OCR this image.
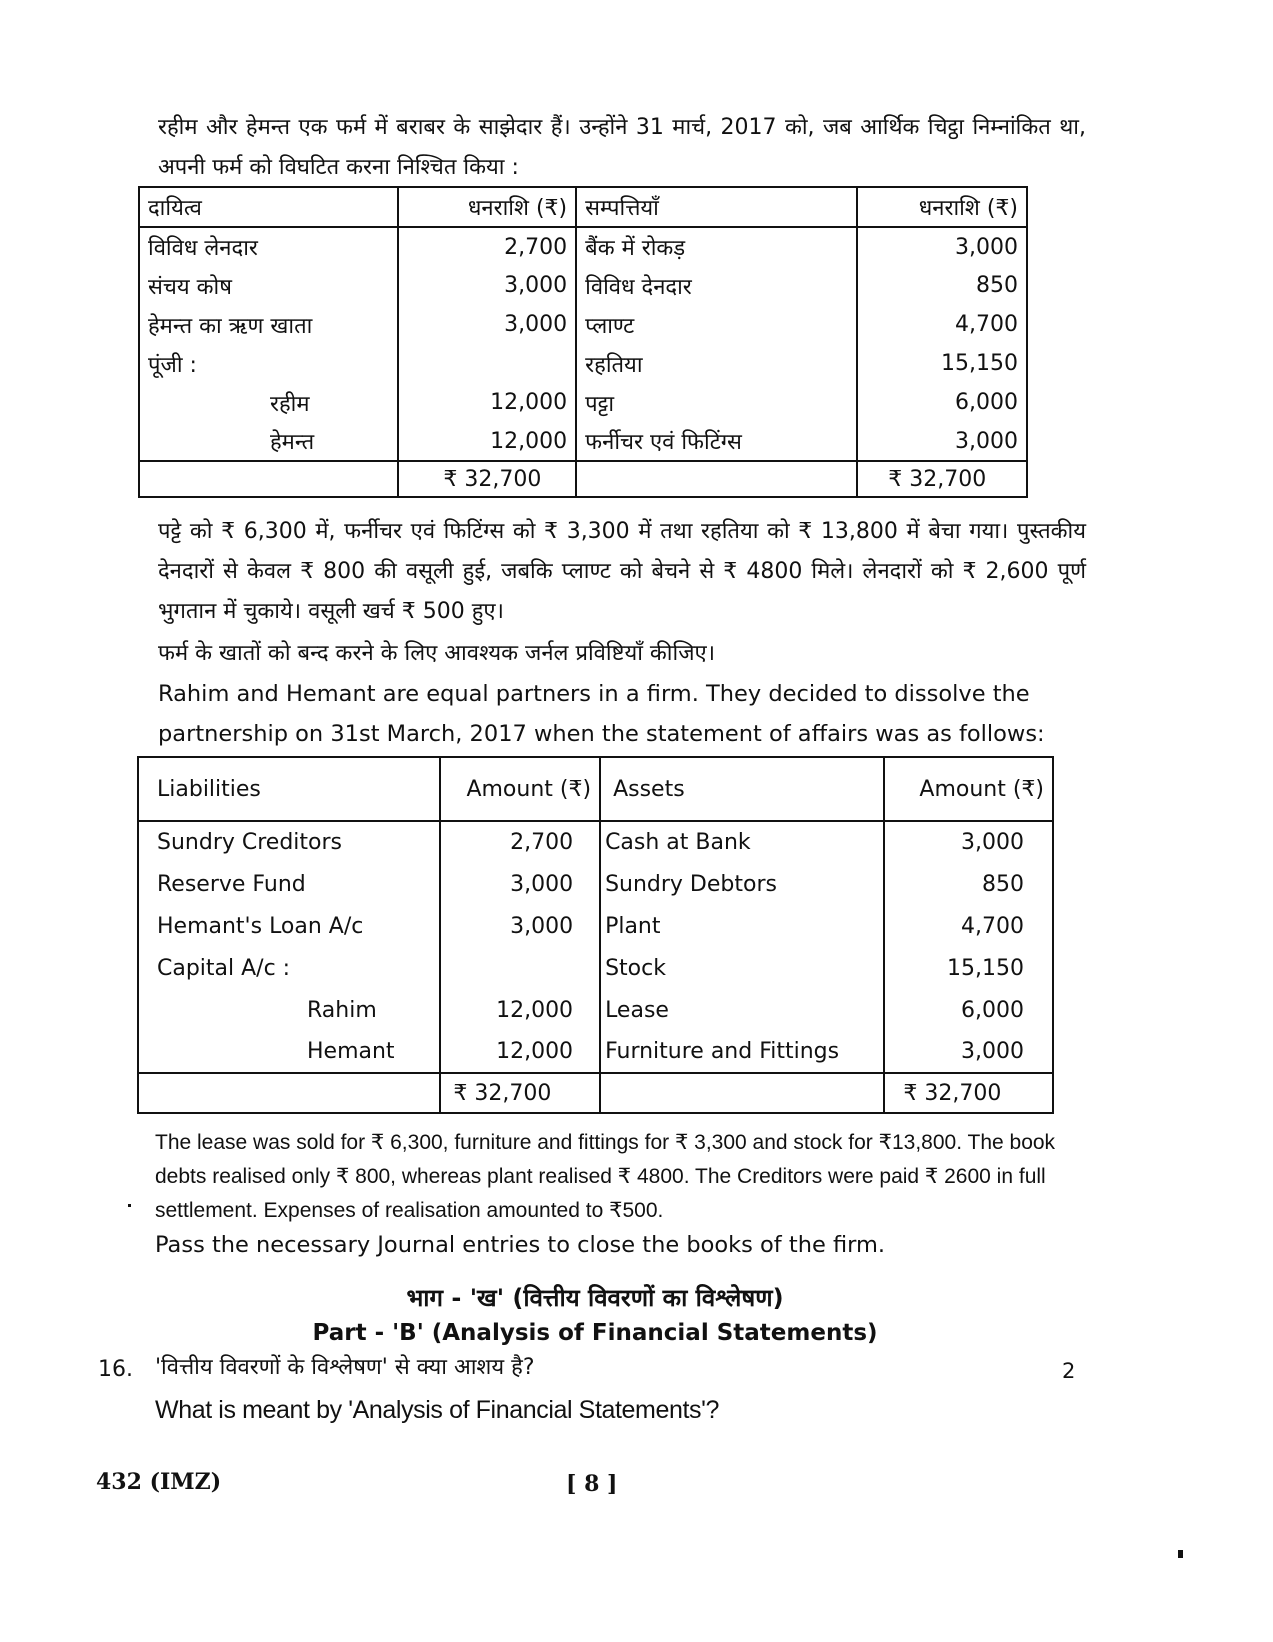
रहीम और हेमन्त एक फर्म में बराबर के साझेदार हैं। उन्होंने 31 मार्च, 2017 को, जब आर्थिक चिट्ठा निम्नांकित था, अपनी फर्म को विघटित करना निश्चित किया :
दायित्व	धनराशि (₹)	सम्पत्तियाँ	धनराशि (₹)
विविध लेनदार	2,700	बैंक में रोकड़	3,000
संचय कोष	3,000	विविध देनदार	850
हेमन्त का ऋण खाता	3,000	प्लाण्ट	4,700
पूंजी :		रहतिया	15,150
रहीम	12,000	पट्टा	6,000
हेमन्त	12,000	फर्नीचर एवं फिटिंग्स	3,000
	₹ 32,700		₹ 32,700
पट्टे को ₹ 6,300 में, फर्नीचर एवं फिटिंग्स को ₹ 3,300 में तथा रहतिया को ₹ 13,800 में बेचा गया। पुस्तकीय देनदारों से केवल ₹ 800 की वसूली हुई, जबकि प्लाण्ट को बेचने से ₹ 4800 मिले। लेनदारों को ₹ 2,600 पूर्ण भुगतान में चुकाये। वसूली खर्च ₹ 500 हुए।
फर्म के खातों को बन्द करने के लिए आवश्यक जर्नल प्रविष्टियाँ कीजिए।
Rahim and Hemant are equal partners in a firm. They decided to dissolve the partnership on 31st March, 2017 when the statement of affairs was as follows:
Liabilities	Amount (₹)	Assets	Amount (₹)
Sundry Creditors	2,700	Cash at Bank	3,000
Reserve Fund	3,000	Sundry Debtors	850
Hemant's Loan A/c	3,000	Plant	4,700
Capital A/c :		Stock	15,150
Rahim	12,000	Lease	6,000
Hemant	12,000	Furniture and Fittings	3,000
	₹ 32,700		₹ 32,700
The lease was sold for ₹ 6,300, furniture and fittings for ₹ 3,300 and stock for ₹13,800. The book debts realised only ₹ 800, whereas plant realised ₹ 4800. The Creditors were paid ₹ 2600 in full settlement. Expenses of realisation amounted to ₹500.
Pass the necessary Journal entries to close the books of the firm.
भाग - 'ख' (वित्तीय विवरणों का विश्लेषण)
Part - 'B' (Analysis of Financial Statements)
16. 'वित्तीय विवरणों के विश्लेषण' से क्या आशय है?	2
What is meant by 'Analysis of Financial Statements'?
432 (IMZ)	[ 8 ]
